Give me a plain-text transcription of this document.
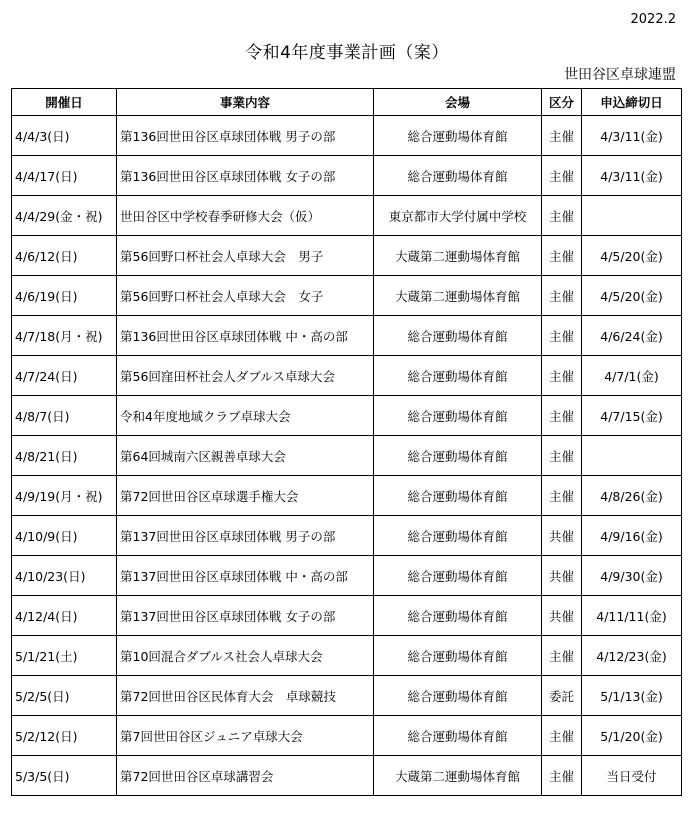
2022.2
令和4年度事業計画（案）
世田谷区卓球連盟
開催日	事業内容	会場	区分	申込締切日
4/4/3(日)	第136回世田谷区卓球団体戦 男子の部	総合運動場体育館	主催	4/3/11(金)
4/4/17(日)	第136回世田谷区卓球団体戦 女子の部	総合運動場体育館	主催	4/3/11(金)
4/4/29(金・祝)	世田谷区中学校春季研修大会（仮）	東京都市大学付属中学校	主催	
4/6/12(日)	第56回野口杯社会人卓球大会　男子	大蔵第二運動場体育館	主催	4/5/20(金)
4/6/19(日)	第56回野口杯社会人卓球大会　女子	大蔵第二運動場体育館	主催	4/5/20(金)
4/7/18(月・祝)	第136回世田谷区卓球団体戦 中・高の部	総合運動場体育館	主催	4/6/24(金)
4/7/24(日)	第56回窪田杯社会人ダブルス卓球大会	総合運動場体育館	主催	4/7/1(金)
4/8/7(日)	令和4年度地域クラブ卓球大会	総合運動場体育館	主催	4/7/15(金)
4/8/21(日)	第64回城南六区親善卓球大会	総合運動場体育館	主催	
4/9/19(月・祝)	第72回世田谷区卓球選手権大会	総合運動場体育館	主催	4/8/26(金)
4/10/9(日)	第137回世田谷区卓球団体戦 男子の部	総合運動場体育館	共催	4/9/16(金)
4/10/23(日)	第137回世田谷区卓球団体戦 中・高の部	総合運動場体育館	共催	4/9/30(金)
4/12/4(日)	第137回世田谷区卓球団体戦 女子の部	総合運動場体育館	共催	4/11/11(金)
5/1/21(土)	第10回混合ダブルス社会人卓球大会	総合運動場体育館	主催	4/12/23(金)
5/2/5(日)	第72回世田谷区民体育大会　卓球競技	総合運動場体育館	委託	5/1/13(金)
5/2/12(日)	第7回世田谷区ジュニア卓球大会	総合運動場体育館	主催	5/1/20(金)
5/3/5(日)	第72回世田谷区卓球講習会	大蔵第二運動場体育館	主催	当日受付
